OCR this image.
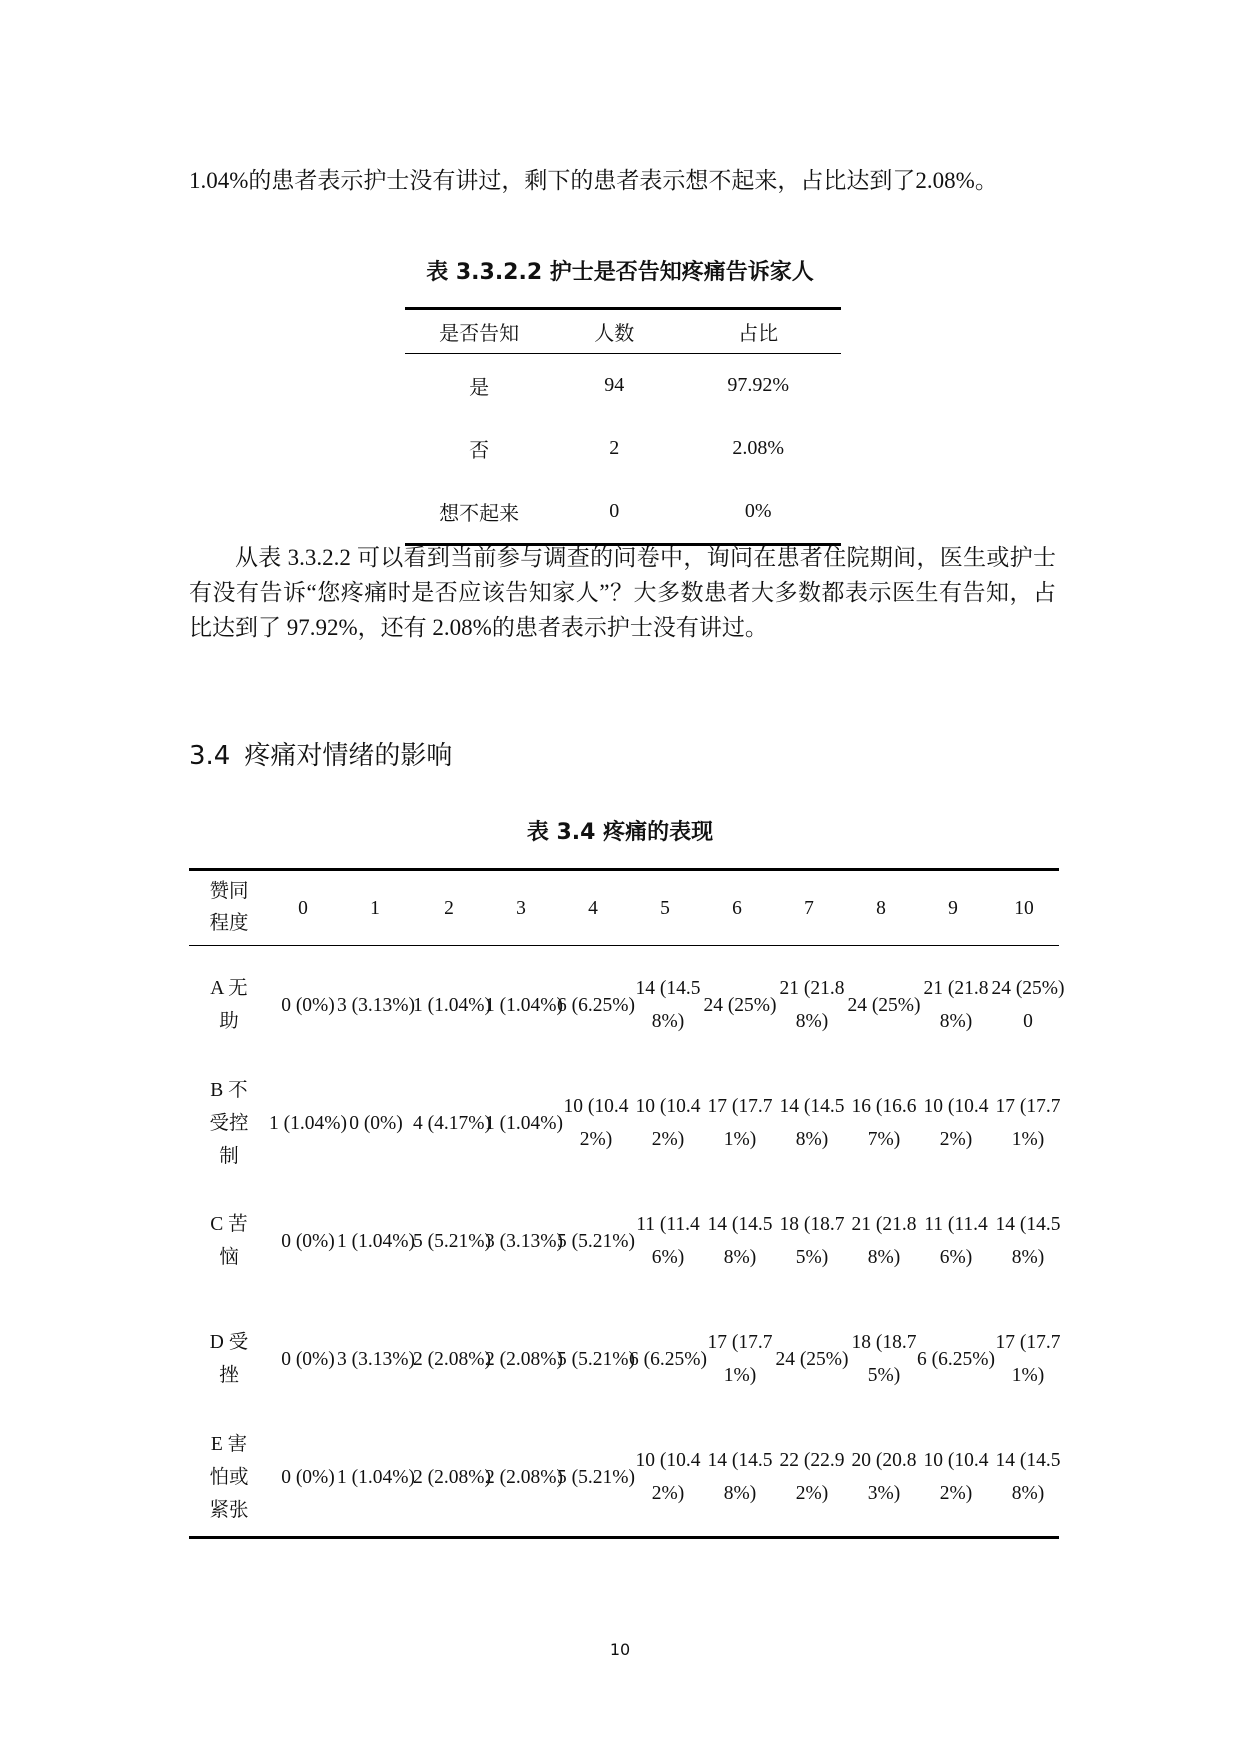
1.04%的患者表示护士没有讲过，剩下的患者表示想不起来，占比达到了2.08%。

表 3.3.2.2 护士是否告知疼痛告诉家人

是否告知	人数	占比
是	94	97.92%
否	2	2.08%
想不起来	0	0%

从表 3.3.2.2 可以看到当前参与调查的问卷中，询问在患者住院期间，医生或护士有没有告诉“您疼痛时是否应该告知家人”？大多数患者大多数都表示医生有告知，占比达到了 97.92%，还有 2.08%的患者表示护士没有讲过。

3.4 疼痛对情绪的影响

表 3.4 疼痛的表现

赞同程度	0	1	2	3	4	5	6	7	8	9	10
A 无助	0 (0%)	3 (3.13%)	1 (1.04%)	1 (1.04%)	6 (6.25%)	14 (14.58%)	24 (25%)	21 (21.88%)	24 (25%)	21 (21.88%)	24 (25%)0
B 不受控制	1 (1.04%)	0 (0%)	4 (4.17%)	1 (1.04%)	10 (10.42%)	10 (10.42%)	17 (17.71%)	14 (14.58%)	16 (16.67%)	10 (10.42%)	17 (17.71%)
C 苦恼	0 (0%)	1 (1.04%)	5 (5.21%)	3 (3.13%)	5 (5.21%)	11 (11.46%)	14 (14.58%)	18 (18.75%)	21 (21.88%)	11 (11.46%)	14 (14.58%)
D 受挫	0 (0%)	3 (3.13%)	2 (2.08%)	2 (2.08%)	5 (5.21%)	6 (6.25%)	17 (17.71%)	24 (25%)	18 (18.75%)	6 (6.25%)	17 (17.71%)
E 害怕或紧张	0 (0%)	1 (1.04%)	2 (2.08%)	2 (2.08%)	5 (5.21%)	10 (10.42%)	14 (14.58%)	22 (22.92%)	20 (20.83%)	10 (10.42%)	14 (14.58%)
10
